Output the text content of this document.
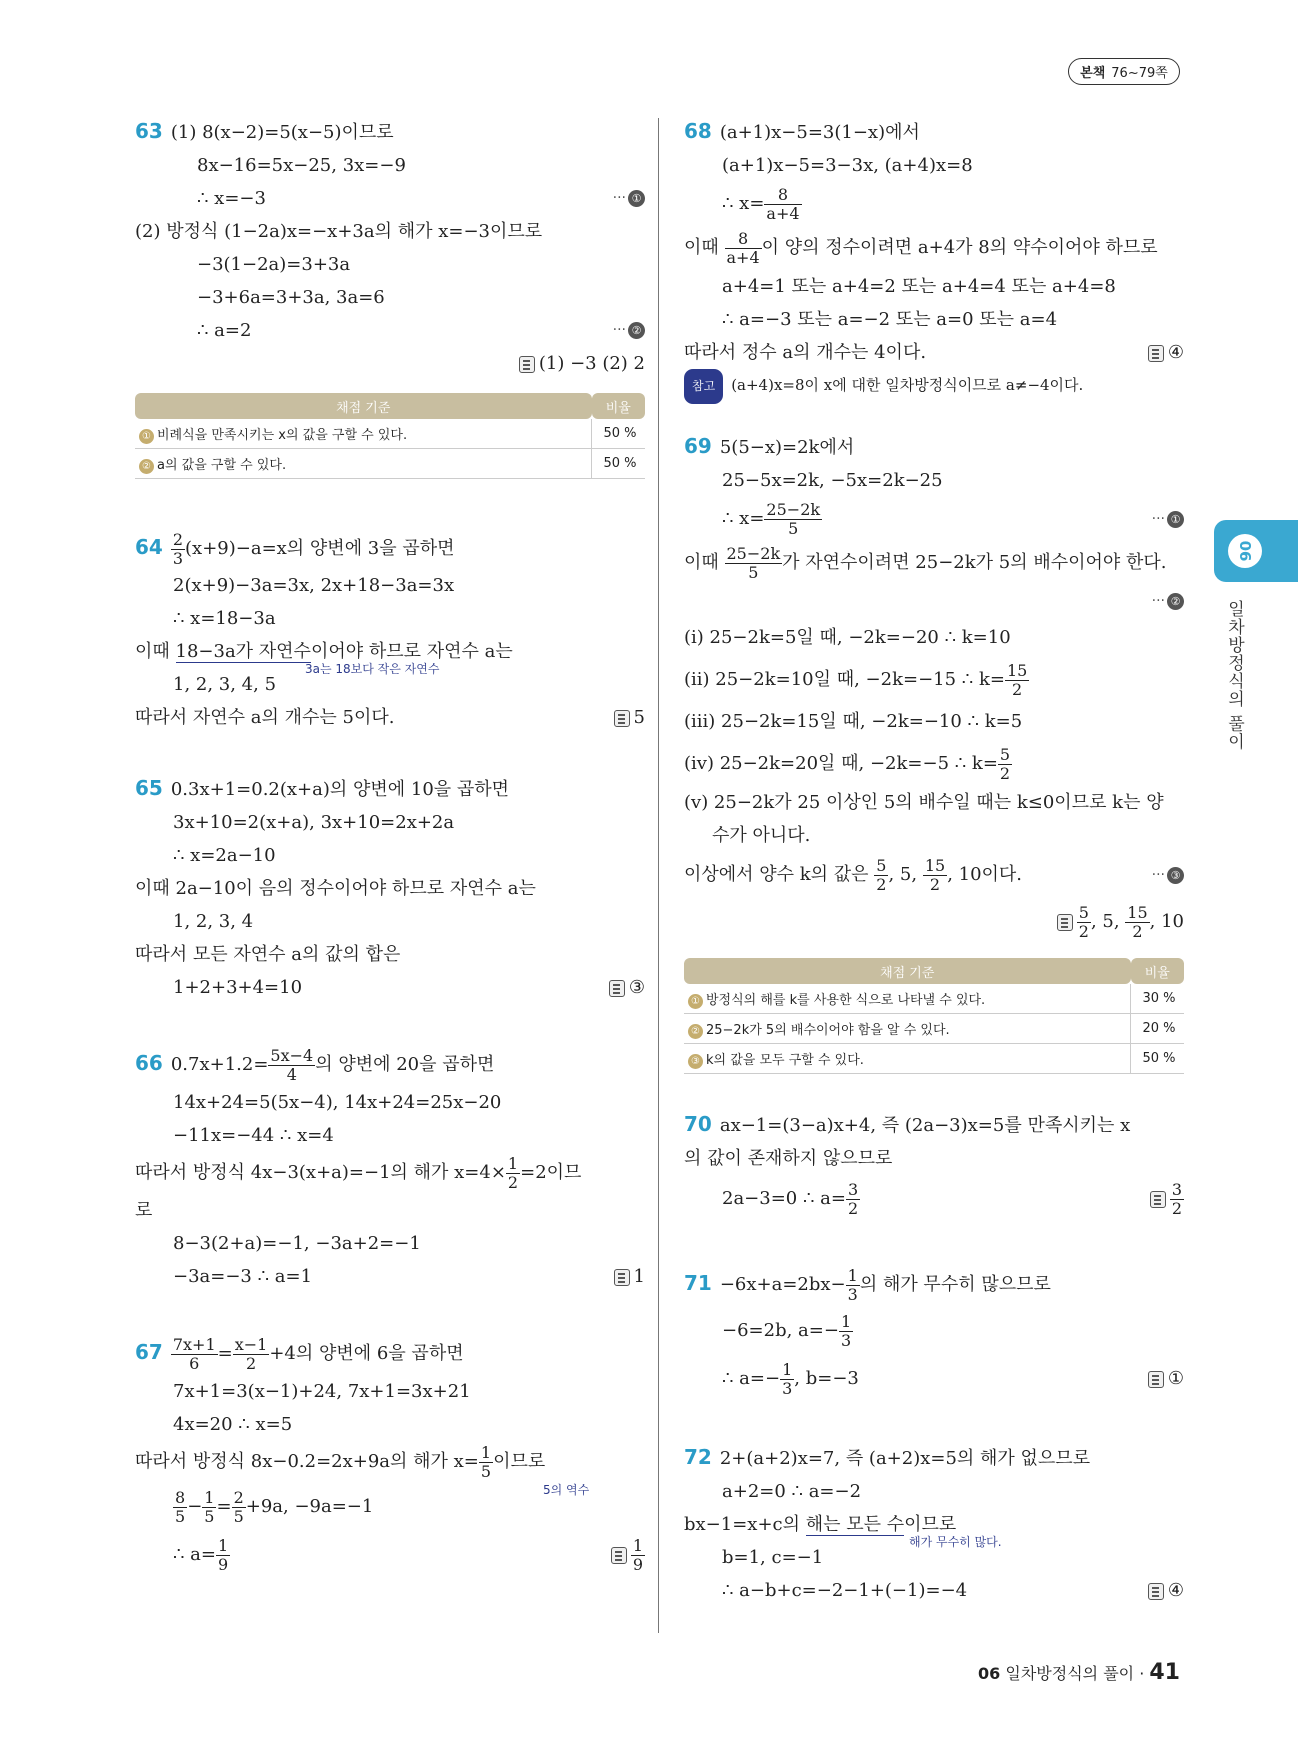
본책 76~79쪽
63 (1) 8(x−2)=5(x−5)이므로
8x−16=5x−25, 3x=−9
∴ x=−3	··· ①
(2) 방정식 (1−2a)x=−x+3a의 해가 x=−3이므로
−3(1−2a)=3+3a
−3+6a=3+3a, 3a=6
∴ a=2	··· ②
(1) −3 (2) 2
채점 기준	비율
① 비례식을 만족시키는 x의 값을 구할 수 있다.	50 %
② a의 값을 구할 수 있다.	50 %
$64 \frac{2}{3} (x+9)-a=x$의 양변에 3을 곱하면
2(x+9)−3a=3x, 2x+18−3a=3x
∴ x=18−3a
이때 18−3a가 자연수이어야 하므로 자연수 a는
3a는 18보다 작은 자연수
1, 2, 3, 4, 5
따라서 자연수 a의 개수는 5이다.	5
65 0.3x+1=0.2(x+a)의 양변에 10을 곱하면
3x+10=2(x+a), 3x+10=2x+2a
∴ x=2a−10
이때 2a−10이 음의 정수이어야 하므로 자연수 a는
1, 2, 3, 4
따라서 모든 자연수 a의 값의 합은
1+2+3+4=10	③
66 $0.7x+1.2= \frac{5x-4}{4}$ 의 양변에 20을 곱하면
14x+24=5(5x−4), 14x+24=25x−20
−11x=−44 ∴ x=4
따라서 방정식 4x−3(x+a)=−1의 해가 $x=4\times \frac{1}{2} =2$이므
로
8−3(2+a)=−1, −3a+2=−1
−3a=−3 ∴ a=1	1
$67 \frac{7x+1}{6} = \frac{x-1}{2} +4$의 양변에 6을 곱하면
7x+1=3(x−1)+24, 7x+1=3x+21
4x=20 ∴ x=5
따라서 방정식 8x−0.2=2x+9a의 해가 $x= \frac{1}{5}$ 이므로
5의 역수
$\frac{8}{5} - \frac{1}{5} = \frac{2}{5} +9a$, −9a=−1
∴ $a= \frac{1}{9}$	$\frac{1}{9}$
68 (a+1)x−5=3(1−x)에서
(a+1)x−5=3−3x, (a+4)x=8
∴ $x= \frac{8}{a+4}$
이때 $\frac{8}{a+4}$ 이 양의 정수이려면 a+4가 8의 약수이어야 하므로
a+4=1 또는 a+4=2 또는 a+4=4 또는 a+4=8
∴ a=−3 또는 a=−2 또는 a=0 또는 a=4
따라서 정수 a의 개수는 4이다.	④
참고 (a+4)x=8이 x에 대한 일차방정식이므로 a≠−4이다.
69 5(5−x)=2k에서
25−5x=2k, −5x=2k−25
∴ $x= \frac{25-2k}{5}$	··· ①
이때 $\frac{25-2k}{5}$ 가 자연수이려면 25−2k가 5의 배수이어야 한다.

··· ②
(ⅰ) 25−2k=5일 때, −2k=−20 ∴ k=10
(ⅱ) 25−2k=10일 때, −2k=−15 ∴ $k= \frac{15}{2}$
(ⅲ) 25−2k=15일 때, −2k=−10 ∴ k=5
(ⅳ) 25−2k=20일 때, −2k=−5 ∴ $k= \frac{5}{2}$
(ⅴ) 25−2k가 25 이상인 5의 배수일 때는 k≤0이므로 k는 양
수가 아니다.
이상에서 양수 k의 값은 $\frac{5}{2}$ , 5, $\frac{15}{2}$ , 10이다.	··· ③
$\frac{5}{2}$ , 5, $\frac{15}{2}$ , 10
채점 기준	비율
① 방정식의 해를 k를 사용한 식으로 나타낼 수 있다.	30 %
② 25−2k가 5의 배수이어야 함을 알 수 있다.	20 %
③ k의 값을 모두 구할 수 있다.	50 %
70 ax−1=(3−a)x+4, 즉 (2a−3)x=5를 만족시키는 x
의 값이 존재하지 않으므로
2a−3=0 ∴ $a= \frac{3}{2}$	$\frac{3}{2}$
$71 -6x+a=2bx- \frac{1}{3}$ 의 해가 무수히 많으므로
−6=2b, $a=- \frac{1}{3}$
∴ $a=- \frac{1}{3}$ , b=−3	①
72 2+(a+2)x=7, 즉 (a+2)x=5의 해가 없으므로
a+2=0 ∴ a=−2
bx−1=x+c의 해는 모든 수이므로
해가 무수히 많다.
b=1, c=−1
∴ a−b+c=−2−1+(−1)=−4	④
06
일차방정식의 풀이
06 일차방정식의 풀이 · 41
